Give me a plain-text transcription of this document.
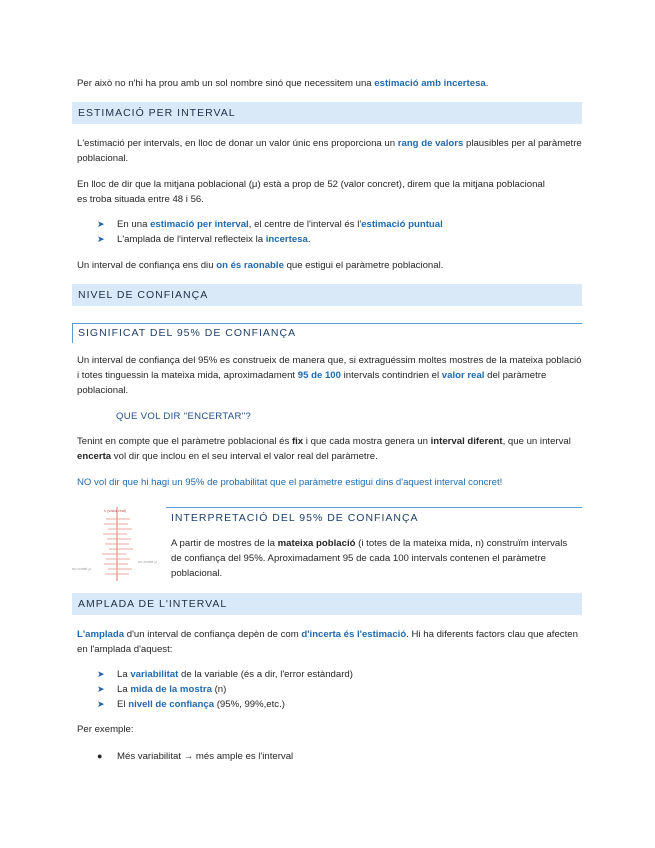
Per això no n'hi ha prou amb un sol nombre sinó que necessitem una estimació amb incertesa.

ESTIMACIÓ PER INTERVAL

L'estimació per intervals, en lloc de donar un valor únic ens proporciona un rang de valors plausibles per al paràmetre poblacional.

En lloc de dir que la mitjana poblacional (μ) està a prop de 52 (valor concret), direm que la mitjana poblacional es troba situada entre 48 i 56.

➤ En una estimació per interval, el centre de l'interval és l'estimació puntual
➤ L'amplada de l'interval reflecteix la incertesa.

Un interval de confiança ens diu on és raonable que estigui el paràmetre poblacional.

NIVEL DE CONFIANÇA
SIGNIFICAT DEL 95% DE CONFIANÇA

Un interval de confiança del 95% es construeix de manera que, si extraguéssim moltes mostres de la mateixa població i totes tinguessin la mateixa mida, aproximadament 95 de 100 intervals contindrien el valor real del paràmetre poblacional.

QUE VOL DIR "ENCERTAR"?

Tenint en compte que el paràmetre poblacional és fix i que cada mostra genera un interval diferent, que un interval encerta vol dir que inclou en el seu interval el valor real del paràmetre.

NO vol dir que hi hagi un 95% de probabilitat que el paràmetre estigui dins d'aquest interval concret!

x (valor real)
no conté μ
no conté μ
INTERPRETACIÓ DEL 95% DE CONFIANÇA

A partir de mostres de la mateixa població (i totes de la mateixa mida, n) construïm intervals de confiança del 95%. Aproximadament 95 de cada 100 intervals contenen el paràmetre poblacional.

AMPLADA DE L'INTERVAL

L'amplada d'un interval de confiança depèn de com d'incerta és l'estimació. Hi ha diferents factors clau que afecten en l'amplada d'aquest:

➤ La variabilitat de la variable (és a dir, l'error estàndard)
➤ La mida de la mostra (n)
➤ El nivell de confiança (95%, 99%,etc.)

Per exemple:

● Més variabilitat → més ample es l'interval
